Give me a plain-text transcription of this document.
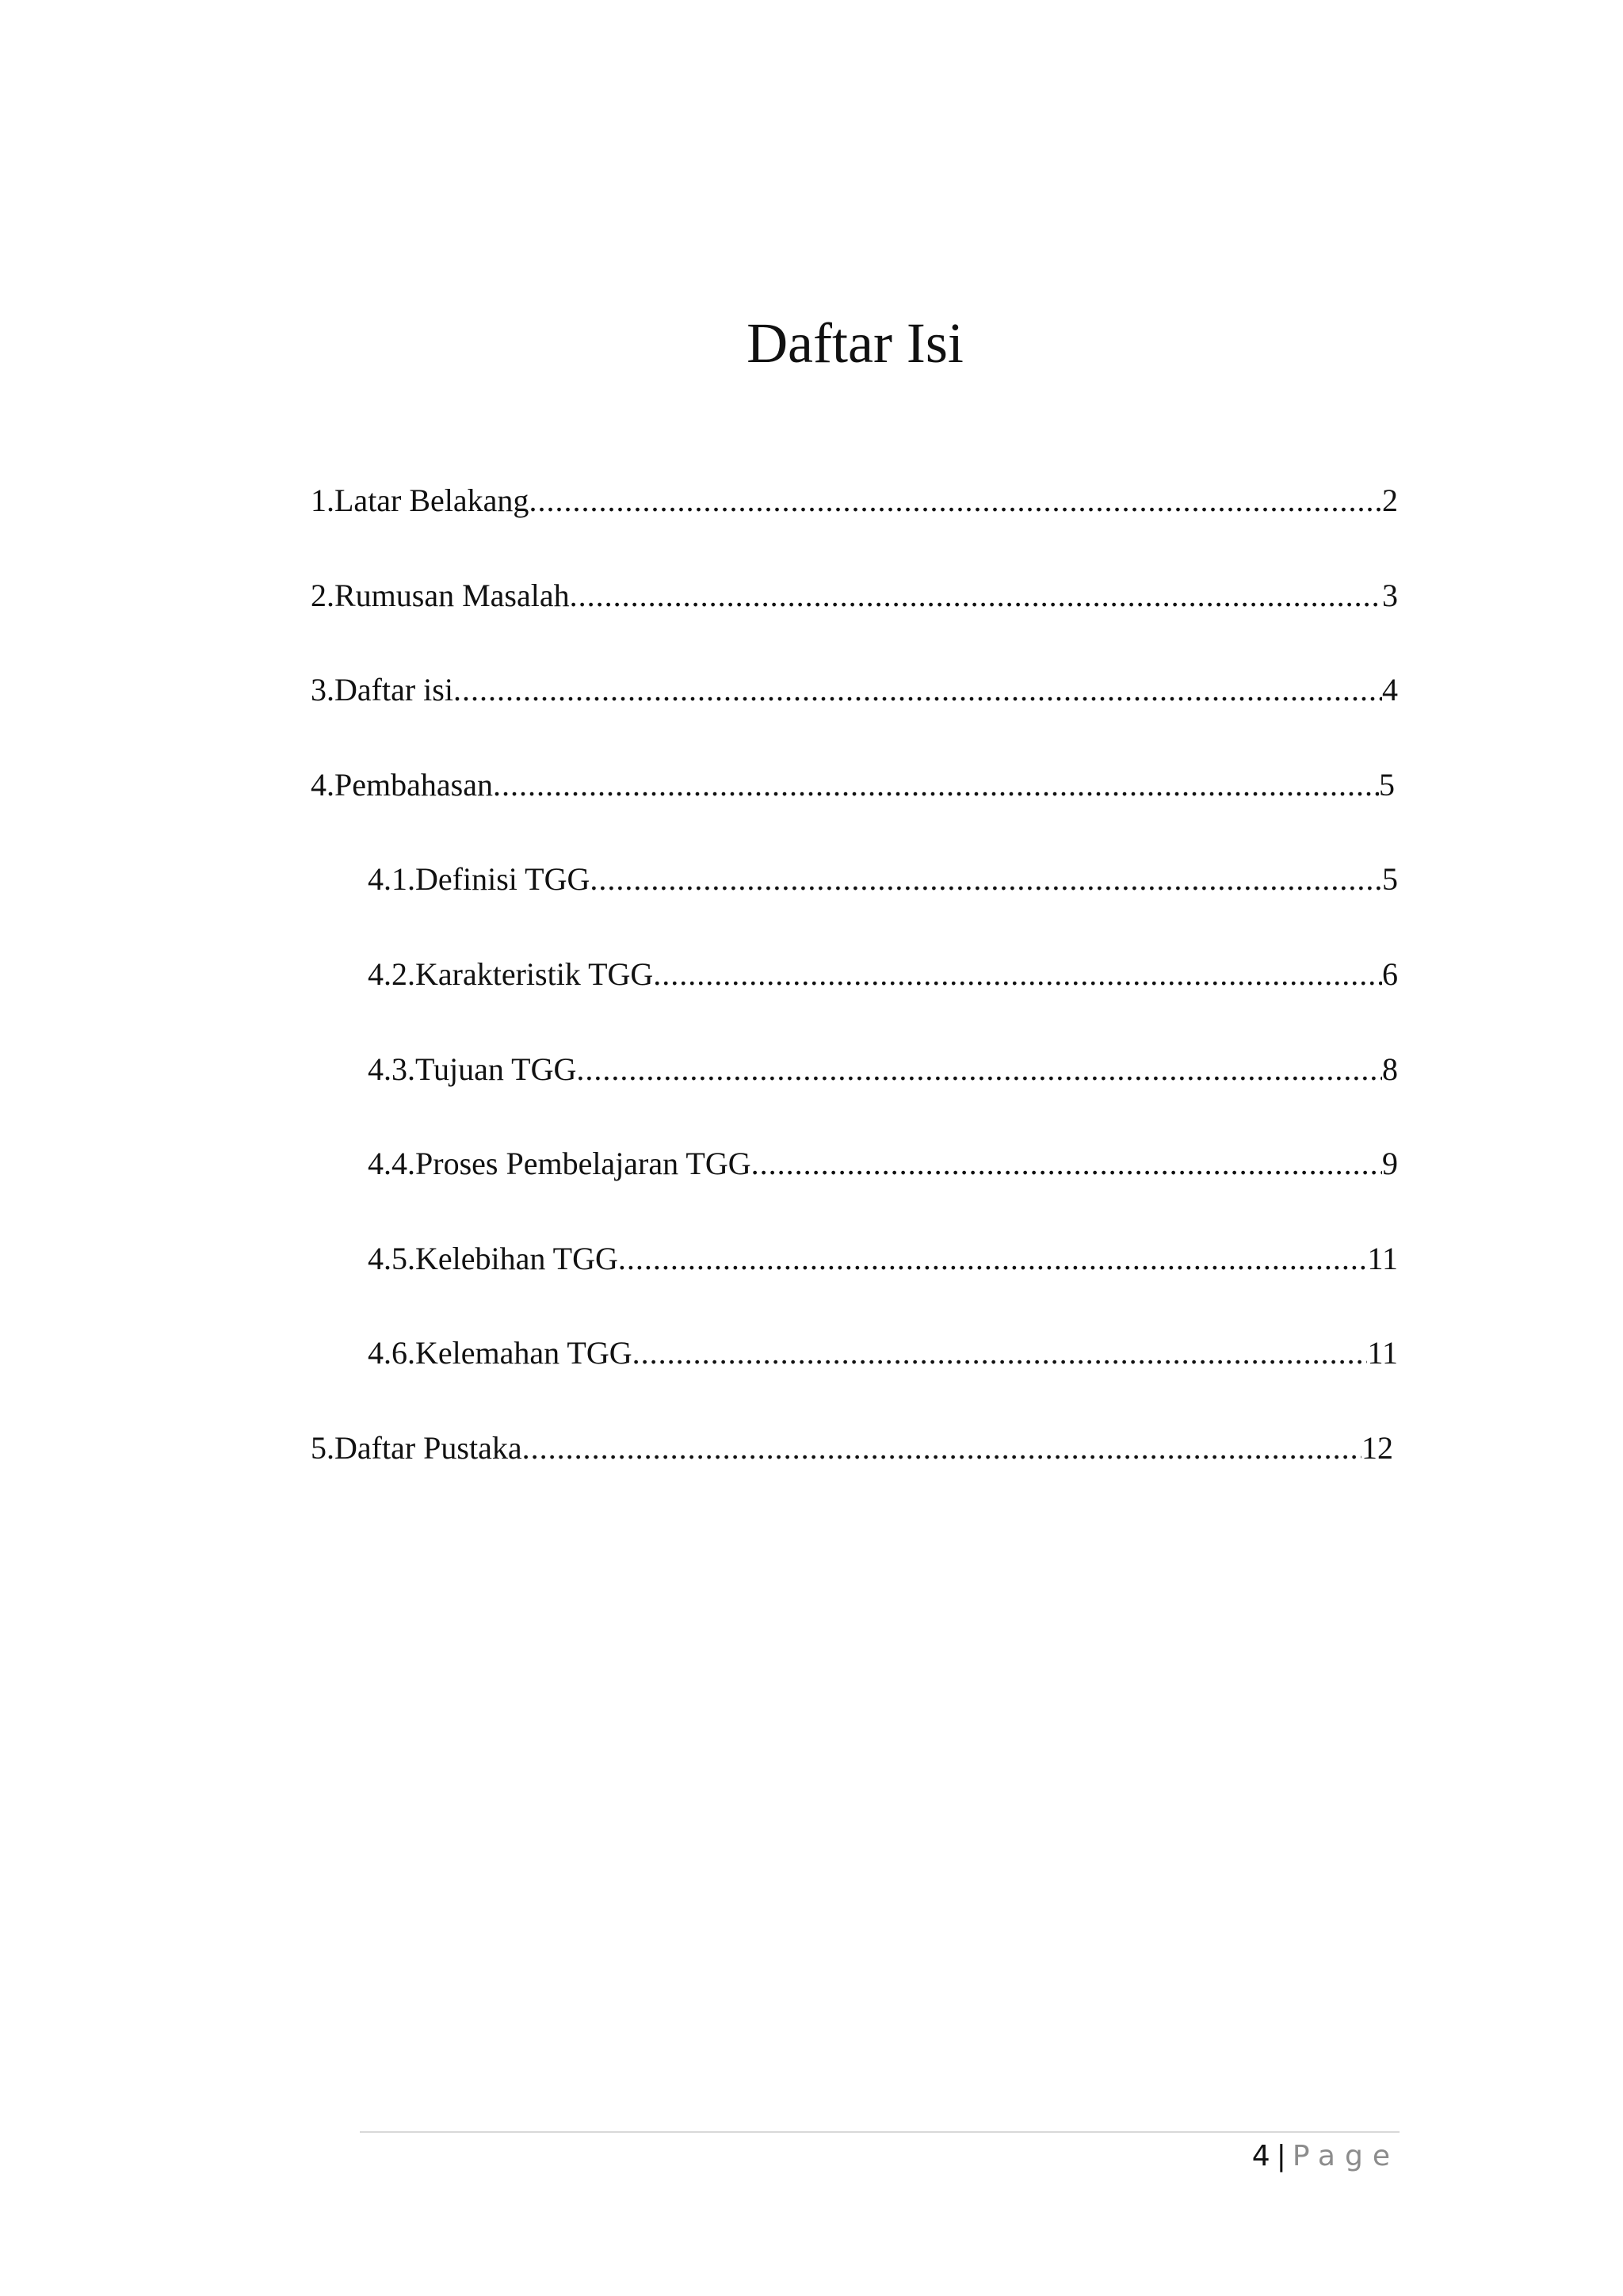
Daftar Isi
1.Latar Belakang .....	2
2.Rumusan Masalah .....	3
3.Daftar isi .....	4
4.Pembahasan .....	5
4.1.Definisi TGG .....	5
4.2.Karakteristik TGG .....	6
4.3.Tujuan TGG .....	8
4.4.Proses Pembelajaran TGG .....	9
4.5.Kelebihan TGG .....	11
4.6.Kelemahan TGG .....	11
5.Daftar Pustaka .....	12
4 | Page
